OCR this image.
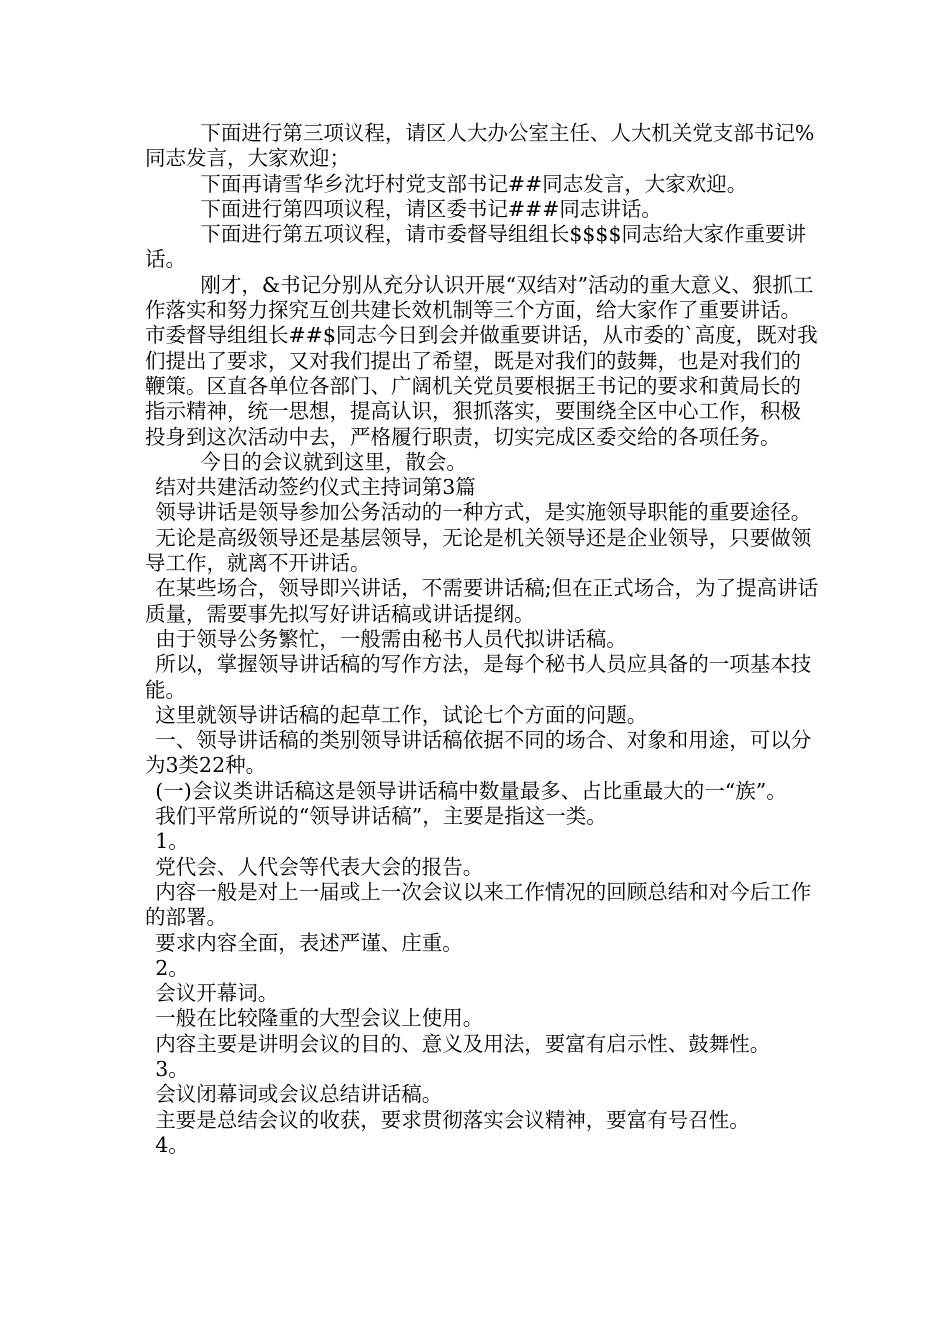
下面进行第三项议程，请区人大办公室主任、人大机关党支部书记%同志发言，大家欢迎；

下面再请雪华乡沈圩村党支部书记##同志发言，大家欢迎。

下面进行第四项议程，请区委书记###同志讲话。

下面进行第五项议程，请市委督导组组长$$$$同志给大家作重要讲话。

刚才，&书记分别从充分认识开展“双结对”活动的重大意义、狠抓工作落实和努力探究互创共建长效机制等三个方面，给大家作了重要讲话。市委督导组组长##$同志今日到会并做重要讲话，从市委的`高度，既对我们提出了要求，又对我们提出了希望，既是对我们的鼓舞，也是对我们的鞭策。区直各单位各部门、广阔机关党员要根据王书记的要求和黄局长的指示精神，统一思想，提高认识，狠抓落实，要围绕全区中心工作，积极投身到这次活动中去，严格履行职责，切实完成区委交给的各项任务。

今日的会议就到这里，散会。

结对共建活动签约仪式主持词第3篇

领导讲话是领导参加公务活动的一种方式，是实施领导职能的重要途径。

无论是高级领导还是基层领导，无论是机关领导还是企业领导，只要做领导工作，就离不开讲话。

在某些场合，领导即兴讲话，不需要讲话稿;但在正式场合，为了提高讲话质量，需要事先拟写好讲话稿或讲话提纲。

由于领导公务繁忙，一般需由秘书人员代拟讲话稿。

所以，掌握领导讲话稿的写作方法，是每个秘书人员应具备的一项基本技能。

这里就领导讲话稿的起草工作，试论七个方面的问题。

一、领导讲话稿的类别领导讲话稿依据不同的场合、对象和用途，可以分为3类22种。

(一)会议类讲话稿这是领导讲话稿中数量最多、占比重最大的一“族”。

我们平常所说的“领导讲话稿”，主要是指这一类。

1。

党代会、人代会等代表大会的报告。

内容一般是对上一届或上一次会议以来工作情况的回顾总结和对今后工作的部署。

要求内容全面，表述严谨、庄重。

2。

会议开幕词。

一般在比较隆重的大型会议上使用。

内容主要是讲明会议的目的、意义及用法，要富有启示性、鼓舞性。

3。

会议闭幕词或会议总结讲话稿。

主要是总结会议的收获，要求贯彻落实会议精神，要富有号召性。

4。
